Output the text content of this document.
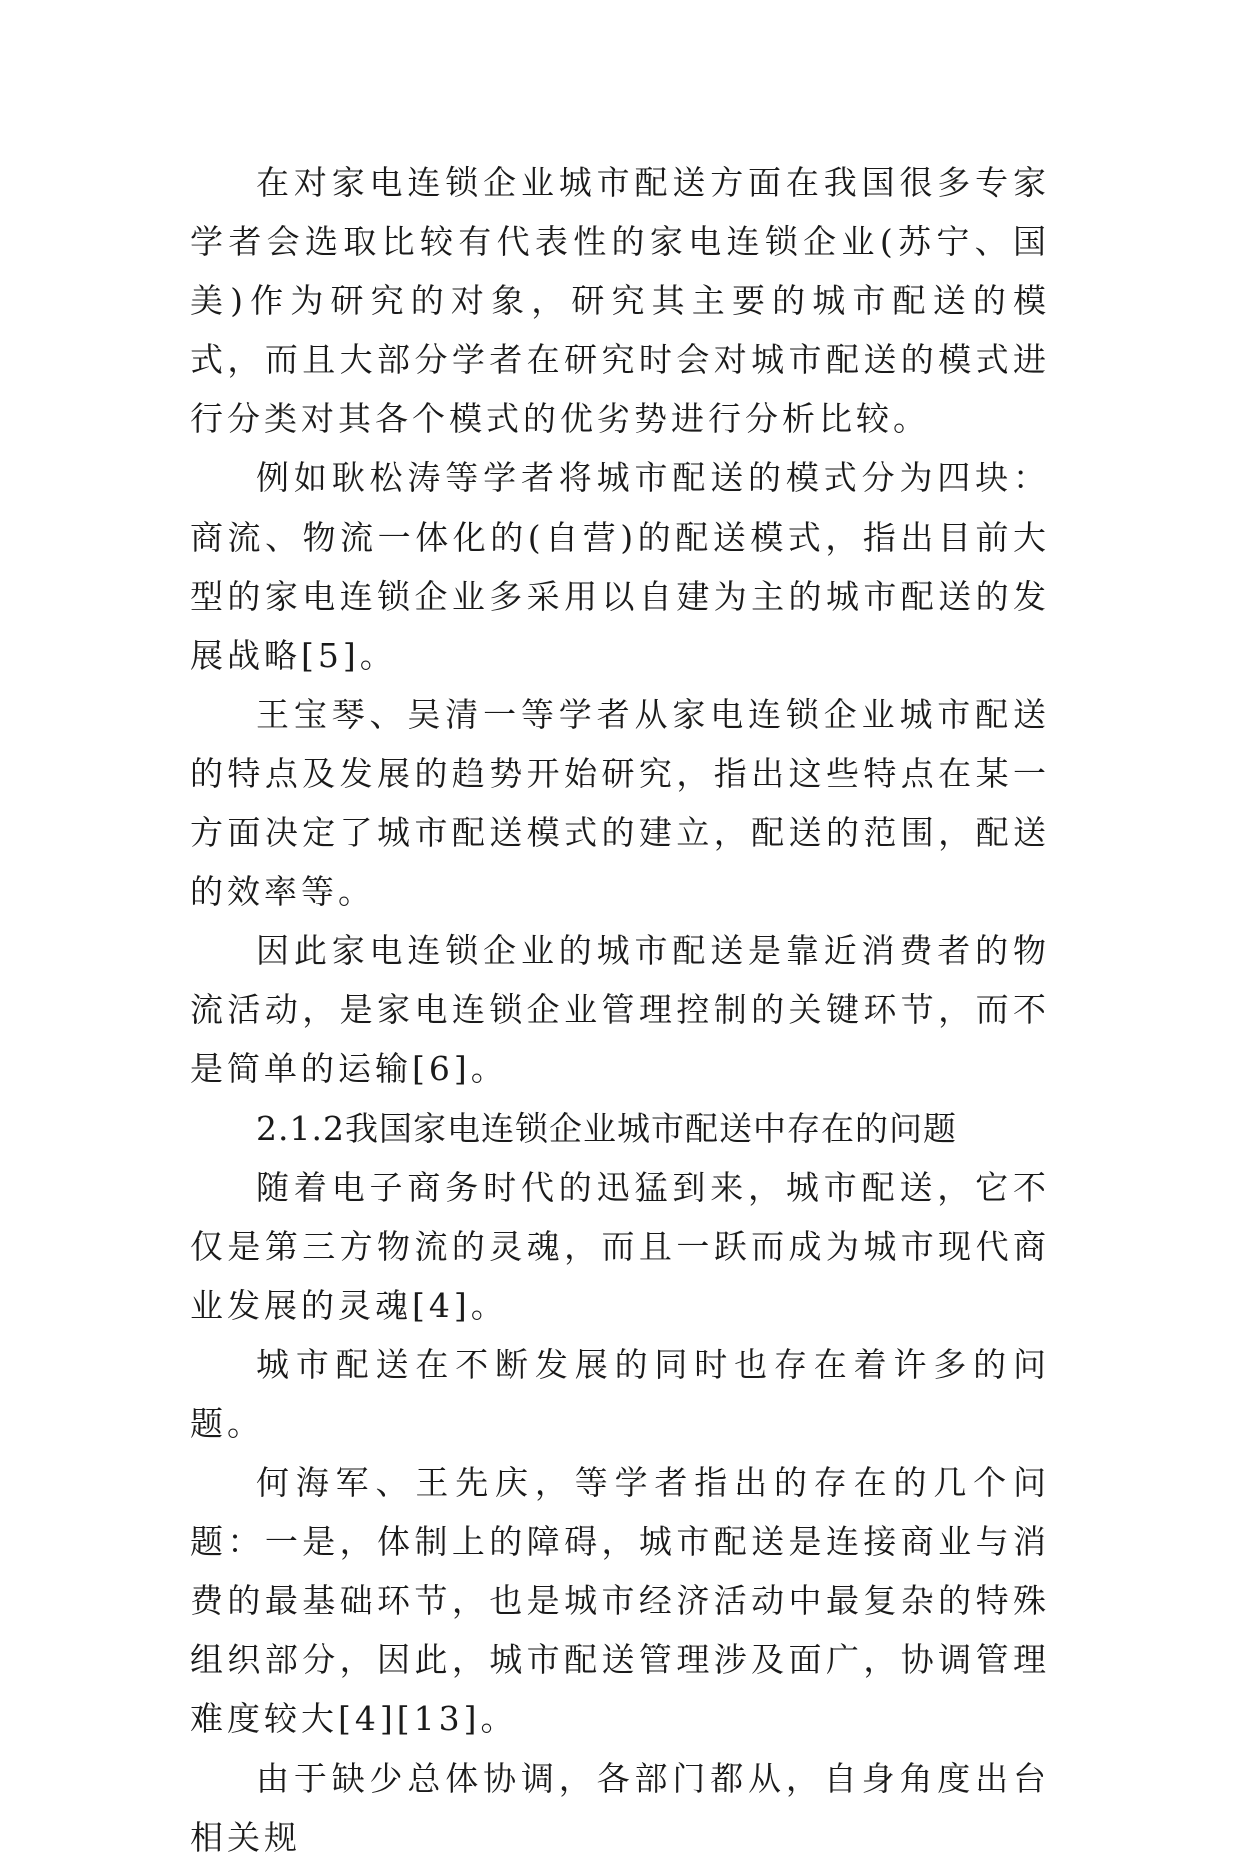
在对家电连锁企业城市配送方面在我国很多专家学者会选取比较有代表性的家电连锁企业(苏宁、国美)作为研究的对象，研究其主要的城市配送的模式，而且大部分学者在研究时会对城市配送的模式进行分类对其各个模式的优劣势进行分析比较。

例如耿松涛等学者将城市配送的模式分为四块：商流、物流一体化的(自营)的配送模式，指出目前大型的家电连锁企业多采用以自建为主的城市配送的发展战略[5]。

王宝琴、吴清一等学者从家电连锁企业城市配送的特点及发展的趋势开始研究，指出这些特点在某一方面决定了城市配送模式的建立，配送的范围，配送的效率等。

因此家电连锁企业的城市配送是靠近消费者的物流活动，是家电连锁企业管理控制的关键环节，而不是简单的运输[6]。

2.1.2我国家电连锁企业城市配送中存在的问题

随着电子商务时代的迅猛到来，城市配送，它不仅是第三方物流的灵魂，而且一跃而成为城市现代商业发展的灵魂[4]。

城市配送在不断发展的同时也存在着许多的问题。

何海军、王先庆，等学者指出的存在的几个问题：一是，体制上的障碍，城市配送是连接商业与消费的最基础环节，也是城市经济活动中最复杂的特殊组织部分，因此，城市配送管理涉及面广，协调管理难度较大[4][13]。

由于缺少总体协调，各部门都从，自身角度出台相关规
